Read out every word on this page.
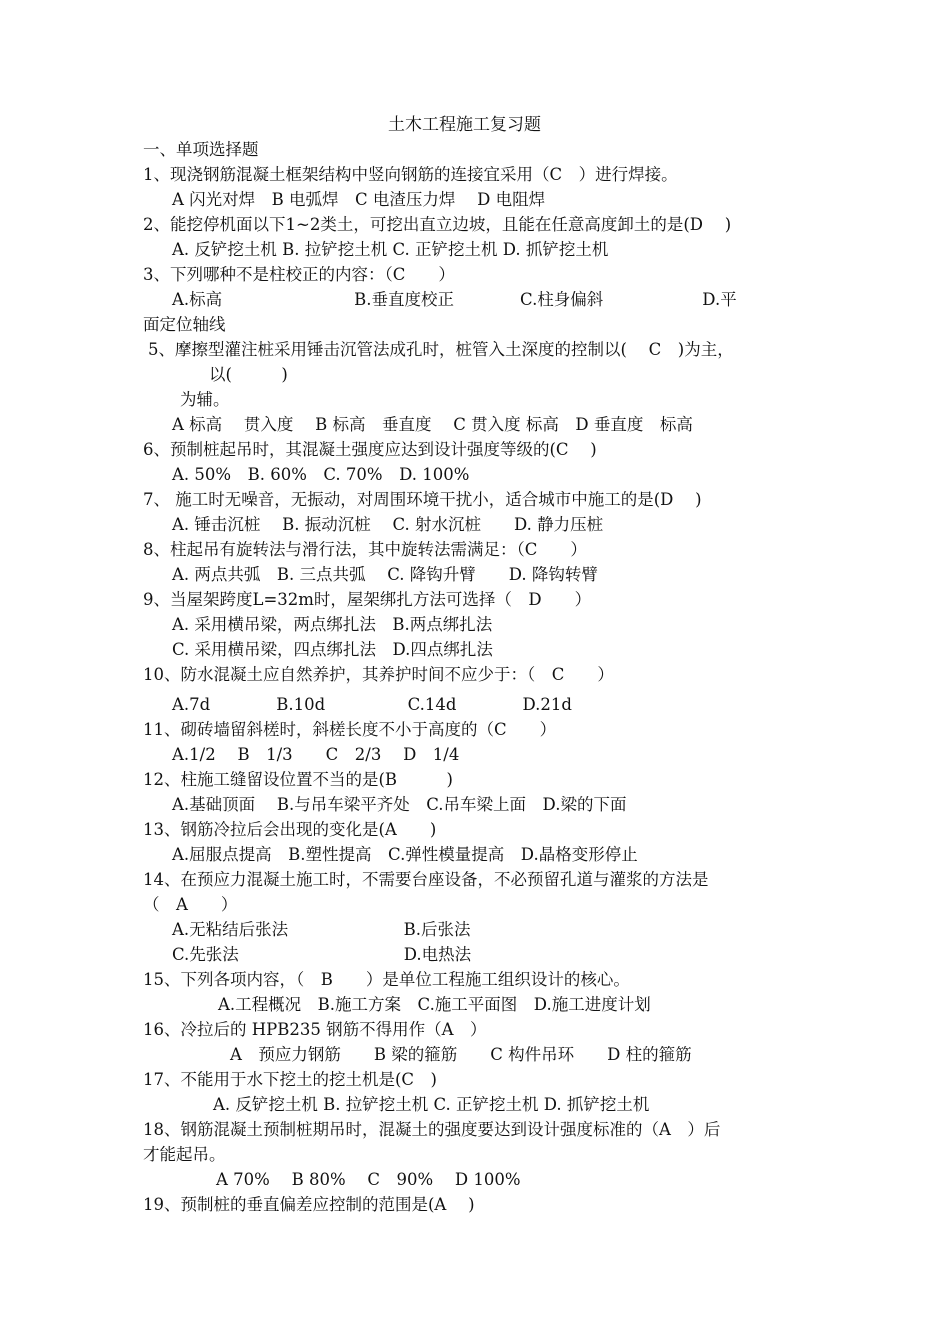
土木工程施工复习题
一、单项选择题
1、现浇钢筋混凝土框架结构中竖向钢筋的连接宜采用（C　）进行焊接。
A 闪光对焊　B 电弧焊　C 电渣压力焊　 D 电阻焊
2、能挖停机面以下1~2类土，可挖出直立边坡，且能在任意高度卸土的是(D　 )
A. 反铲挖土机 B. 拉铲挖土机 C. 正铲挖土机 D. 抓铲挖土机
3、下列哪种不是柱校正的内容：（C　　）
A.标高　　　　　　　　B.垂直度校正　　　　C.柱身偏斜　　　　　　D.平
面定位轴线
5、摩擦型灌注桩采用锤击沉管法成孔时，桩管入土深度的控制以(　 C　)为主，
以(　　　)
为辅。
A 标高　 贯入度　 B 标高　垂直度　 C 贯入度 标高　D 垂直度　标高
6、预制桩起吊时，其混凝土强度应达到设计强度等级的(C　 )
A. 50%　B. 60%　C. 70%　D. 100%
7、 施工时无噪音，无振动，对周围环境干扰小，适合城市中施工的是(D　 )
A. 锤击沉桩　 B. 振动沉桩　 C. 射水沉桩　　D. 静力压桩
8、柱起吊有旋转法与滑行法，其中旋转法需满足：（C　　）
A. 两点共弧　B. 三点共弧　 C. 降钩升臂　　D. 降钩转臂
9、当屋架跨度L=32m时，屋架绑扎方法可选择（　D　　）
A. 采用横吊梁，两点绑扎法　B.两点绑扎法
C. 采用横吊梁，四点绑扎法　D.四点绑扎法
10、防水混凝土应自然养护，其养护时间不应少于：（　C　　）
A.7d　　　　B.10d　　　　　C.14d　　　　D.21d
11、砌砖墙留斜槎时，斜槎长度不小于高度的（C　　）
A.1/2　 B　1/3　　C　2/3　 D　1/4
12、柱施工缝留设位置不当的是(B　　　)
A.基础顶面　 B.与吊车梁平齐处　C.吊车梁上面　D.梁的下面
13、钢筋冷拉后会出现的变化是(A　　)
A.屈服点提高　B.塑性提高　C.弹性模量提高　D.晶格变形停止
14、在预应力混凝土施工时，不需要台座设备，不必预留孔道与灌浆的方法是
（　A　　）
A.无粘结后张法　　　　　　　B.后张法
C.先张法　　　　　　　　　　D.电热法
15、下列各项内容，（　B　　）是单位工程施工组织设计的核心。
A.工程概况　B.施工方案　C.施工平面图　D.施工进度计划
16、冷拉后的 HPB235 钢筋不得用作（A　）
A　预应力钢筋　　B 梁的箍筋　　C 构件吊环　　D 柱的箍筋
17、不能用于水下挖土的挖土机是(C　)
A. 反铲挖土机 B. 拉铲挖土机 C. 正铲挖土机 D. 抓铲挖土机
18、钢筋混凝土预制桩期吊时，混凝土的强度要达到设计强度标准的（A　）后
才能起吊。
A 70%　 B 80%　 C　90%　 D 100%
19、预制桩的垂直偏差应控制的范围是(A　 )
